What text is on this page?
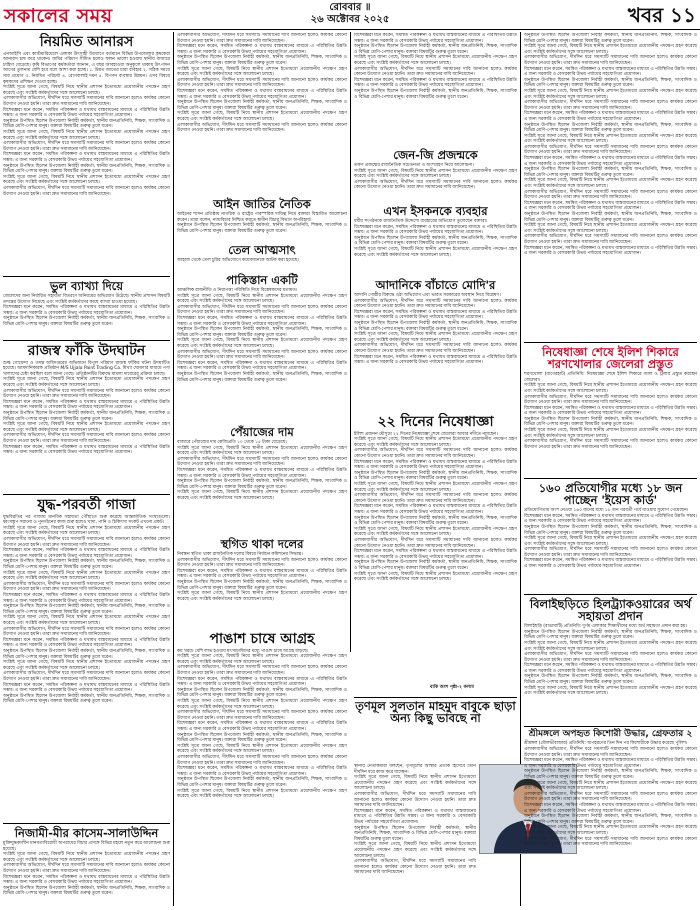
সকালের সময়	রোববার ॥
২৬ অক্টোবর ২০২৫	খবর ১১
নিয়মিত আনারস
এনআইসি এবং কাস্টমারিয়েলে এলাকা উৎসাহী উদ্যোগে বর্তমানে বিভিন্ন উপজেলার কৃষকেরা আনারস চাষ করে থাকেন। জমির পরিমাণ সীমিত হলেও ফলন ভালো হওয়ায় স্থানীয় বাজারে চাহিদা বেড়েছে। কৃষি বিভাগের কর্মকর্তারা জানান, এ বছর আবহাওয়া অনুকূলে থাকায় উৎপাদন আগের তুলনায় বেশি হবে বলে আশা করা হচ্ছে। ১. উন্নত জাতের চারা ব্যবহার ২. সঠিক সময়ে সার প্রয়োগ ৩. নিয়মিত পরিচর্যা ৪. রোগবালাই দমন ৫. বিপণন ব্যবস্থার উন্নয়ন। এসব বিষয়ে কৃষকদের প্রশিক্ষণ দেওয়া হচ্ছে।
সংশ্লিষ্ট সূত্রে জানা গেছে, বিষয়টি নিয়ে স্থানীয় প্রশাসন ইতোমধ্যে প্রয়োজনীয় পদক্ষেপ গ্রহণ করেছে এবং সংশ্লিষ্ট কর্মকর্তাদের সঙ্গে আলোচনা চলছে।
এলাকাবাসীর অভিযোগ, দীর্ঘদিন ধরে সমস্যাটি সমাধানের দাবি জানানো হলেও কার্যকর কোনো উদ্যোগ নেওয়া হয়নি। তারা দ্রুত সমাধানের দাবি জানিয়েছেন।
বিশেষজ্ঞরা মনে করেন, সমন্বিত পরিকল্পনা ও যথাযথ বাস্তবায়নের মাধ্যমে এ পরিস্থিতির উন্নতি সম্ভব। এ জন্য সরকারি ও বেসরকারি উভয় পর্যায়ের সহযোগিতা প্রয়োজন।
অনুষ্ঠানে উপস্থিত ছিলেন উপজেলা নির্বাহী কর্মকর্তা, স্থানীয় জনপ্রতিনিধি, শিক্ষক, সাংবাদিক ও বিভিন্ন শ্রেণি-পেশার মানুষ। বক্তারা বিষয়টির গুরুত্ব তুলে ধরেন।
সংশ্লিষ্ট সূত্রে জানা গেছে, বিষয়টি নিয়ে স্থানীয় প্রশাসন ইতোমধ্যে প্রয়োজনীয় পদক্ষেপ গ্রহণ করেছে এবং সংশ্লিষ্ট কর্মকর্তাদের সঙ্গে আলোচনা চলছে।
এলাকাবাসীর অভিযোগ, দীর্ঘদিন ধরে সমস্যাটি সমাধানের দাবি জানানো হলেও কার্যকর কোনো উদ্যোগ নেওয়া হয়নি। তারা দ্রুত সমাধানের দাবি জানিয়েছেন।
বিশেষজ্ঞরা মনে করেন, সমন্বিত পরিকল্পনা ও যথাযথ বাস্তবায়নের মাধ্যমে এ পরিস্থিতির উন্নতি সম্ভব। এ জন্য সরকারি ও বেসরকারি উভয় পর্যায়ের সহযোগিতা প্রয়োজন।
অনুষ্ঠানে উপস্থিত ছিলেন উপজেলা নির্বাহী কর্মকর্তা, স্থানীয় জনপ্রতিনিধি, শিক্ষক, সাংবাদিক ও বিভিন্ন শ্রেণি-পেশার মানুষ। বক্তারা বিষয়টির গুরুত্ব তুলে ধরেন।
সংশ্লিষ্ট সূত্রে জানা গেছে, বিষয়টি নিয়ে স্থানীয় প্রশাসন ইতোমধ্যে প্রয়োজনীয় পদক্ষেপ গ্রহণ করেছে এবং সংশ্লিষ্ট কর্মকর্তাদের সঙ্গে আলোচনা চলছে।
এলাকাবাসীর অভিযোগ, দীর্ঘদিন ধরে সমস্যাটি সমাধানের দাবি জানানো হলেও কার্যকর কোনো উদ্যোগ নেওয়া হয়নি। তারা দ্রুত সমাধানের দাবি জানিয়েছেন।
ভুল ব্যাখ্যা দিয়ে
জেলেদের জন্য নির্ধারিত সহায়তা বিতরণে অনিয়মের অভিযোগ উঠেছে। স্থানীয় প্রশাসন বিষয়টি তদন্তের উদ্যোগ নিয়েছে এবং সংশ্লিষ্ট কর্মকর্তাদের কাছে ব্যাখ্যা চাওয়া হয়েছে।
বিশেষজ্ঞরা মনে করেন, সমন্বিত পরিকল্পনা ও যথাযথ বাস্তবায়নের মাধ্যমে এ পরিস্থিতির উন্নতি সম্ভব। এ জন্য সরকারি ও বেসরকারি উভয় পর্যায়ের সহযোগিতা প্রয়োজন।
অনুষ্ঠানে উপস্থিত ছিলেন উপজেলা নির্বাহী কর্মকর্তা, স্থানীয় জনপ্রতিনিধি, শিক্ষক, সাংবাদিক ও বিভিন্ন শ্রেণি-পেশার মানুষ। বক্তারা বিষয়টির গুরুত্ব তুলে ধরেন।
রাজস্ব ফাঁকি উদঘাটন
শুল্ক গোয়েন্দা ও তদন্ত অধিদপ্তরের অভিযানে বিপুল পরিমাণ রাজস্ব ফাঁকির ঘটনা উদঘাটিত হয়েছে। আমদানিকারক প্রতিষ্ঠান M/S Ujjala Paint Trading Co. মিথ্যা ঘোষণার মাধ্যমে পণ্য খালাসের চেষ্টা করছিল বলে জানা গেছে। প্রতিষ্ঠানটির বিরুদ্ধে মামলা দায়েরের প্রক্রিয়া চলছে।
সংশ্লিষ্ট সূত্রে জানা গেছে, বিষয়টি নিয়ে স্থানীয় প্রশাসন ইতোমধ্যে প্রয়োজনীয় পদক্ষেপ গ্রহণ করেছে এবং সংশ্লিষ্ট কর্মকর্তাদের সঙ্গে আলোচনা চলছে।
এলাকাবাসীর অভিযোগ, দীর্ঘদিন ধরে সমস্যাটি সমাধানের দাবি জানানো হলেও কার্যকর কোনো উদ্যোগ নেওয়া হয়নি। তারা দ্রুত সমাধানের দাবি জানিয়েছেন।
বিশেষজ্ঞরা মনে করেন, সমন্বিত পরিকল্পনা ও যথাযথ বাস্তবায়নের মাধ্যমে এ পরিস্থিতির উন্নতি সম্ভব। এ জন্য সরকারি ও বেসরকারি উভয় পর্যায়ের সহযোগিতা প্রয়োজন।
অনুষ্ঠানে উপস্থিত ছিলেন উপজেলা নির্বাহী কর্মকর্তা, স্থানীয় জনপ্রতিনিধি, শিক্ষক, সাংবাদিক ও বিভিন্ন শ্রেণি-পেশার মানুষ। বক্তারা বিষয়টির গুরুত্ব তুলে ধরেন।
সংশ্লিষ্ট সূত্রে জানা গেছে, বিষয়টি নিয়ে স্থানীয় প্রশাসন ইতোমধ্যে প্রয়োজনীয় পদক্ষেপ গ্রহণ করেছে এবং সংশ্লিষ্ট কর্মকর্তাদের সঙ্গে আলোচনা চলছে।
এলাকাবাসীর অভিযোগ, দীর্ঘদিন ধরে সমস্যাটি সমাধানের দাবি জানানো হলেও কার্যকর কোনো উদ্যোগ নেওয়া হয়নি। তারা দ্রুত সমাধানের দাবি জানিয়েছেন।
বিশেষজ্ঞরা মনে করেন, সমন্বিত পরিকল্পনা ও যথাযথ বাস্তবায়নের মাধ্যমে এ পরিস্থিতির উন্নতি সম্ভব। এ জন্য সরকারি ও বেসরকারি উভয় পর্যায়ের সহযোগিতা প্রয়োজন।
যুদ্ধ-পরবর্তী গাজা
যুদ্ধবিরতির পর গাজায় মানবিক সহায়তা পৌঁছাতে শুরু করেছে আন্তর্জাতিক সংস্থাগুলো। ধ্বংসস্তূপ সরানো ও পুনর্গঠনের কাজ শুরু হলেও খাদ্য, পানি ও চিকিৎসা সংকট এখনো প্রকট।
সংশ্লিষ্ট সূত্রে জানা গেছে, বিষয়টি নিয়ে স্থানীয় প্রশাসন ইতোমধ্যে প্রয়োজনীয় পদক্ষেপ গ্রহণ করেছে এবং সংশ্লিষ্ট কর্মকর্তাদের সঙ্গে আলোচনা চলছে।
এলাকাবাসীর অভিযোগ, দীর্ঘদিন ধরে সমস্যাটি সমাধানের দাবি জানানো হলেও কার্যকর কোনো উদ্যোগ নেওয়া হয়নি। তারা দ্রুত সমাধানের দাবি জানিয়েছেন।
বিশেষজ্ঞরা মনে করেন, সমন্বিত পরিকল্পনা ও যথাযথ বাস্তবায়নের মাধ্যমে এ পরিস্থিতির উন্নতি সম্ভব। এ জন্য সরকারি ও বেসরকারি উভয় পর্যায়ের সহযোগিতা প্রয়োজন।
অনুষ্ঠানে উপস্থিত ছিলেন উপজেলা নির্বাহী কর্মকর্তা, স্থানীয় জনপ্রতিনিধি, শিক্ষক, সাংবাদিক ও বিভিন্ন শ্রেণি-পেশার মানুষ। বক্তারা বিষয়টির গুরুত্ব তুলে ধরেন।
সংশ্লিষ্ট সূত্রে জানা গেছে, বিষয়টি নিয়ে স্থানীয় প্রশাসন ইতোমধ্যে প্রয়োজনীয় পদক্ষেপ গ্রহণ করেছে এবং সংশ্লিষ্ট কর্মকর্তাদের সঙ্গে আলোচনা চলছে।
এলাকাবাসীর অভিযোগ, দীর্ঘদিন ধরে সমস্যাটি সমাধানের দাবি জানানো হলেও কার্যকর কোনো উদ্যোগ নেওয়া হয়নি। তারা দ্রুত সমাধানের দাবি জানিয়েছেন।
বিশেষজ্ঞরা মনে করেন, সমন্বিত পরিকল্পনা ও যথাযথ বাস্তবায়নের মাধ্যমে এ পরিস্থিতির উন্নতি সম্ভব। এ জন্য সরকারি ও বেসরকারি উভয় পর্যায়ের সহযোগিতা প্রয়োজন।
অনুষ্ঠানে উপস্থিত ছিলেন উপজেলা নির্বাহী কর্মকর্তা, স্থানীয় জনপ্রতিনিধি, শিক্ষক, সাংবাদিক ও বিভিন্ন শ্রেণি-পেশার মানুষ। বক্তারা বিষয়টির গুরুত্ব তুলে ধরেন।
সংশ্লিষ্ট সূত্রে জানা গেছে, বিষয়টি নিয়ে স্থানীয় প্রশাসন ইতোমধ্যে প্রয়োজনীয় পদক্ষেপ গ্রহণ করেছে এবং সংশ্লিষ্ট কর্মকর্তাদের সঙ্গে আলোচনা চলছে।
এলাকাবাসীর অভিযোগ, দীর্ঘদিন ধরে সমস্যাটি সমাধানের দাবি জানানো হলেও কার্যকর কোনো উদ্যোগ নেওয়া হয়নি। তারা দ্রুত সমাধানের দাবি জানিয়েছেন।
বিশেষজ্ঞরা মনে করেন, সমন্বিত পরিকল্পনা ও যথাযথ বাস্তবায়নের মাধ্যমে এ পরিস্থিতির উন্নতি সম্ভব। এ জন্য সরকারি ও বেসরকারি উভয় পর্যায়ের সহযোগিতা প্রয়োজন।
অনুষ্ঠানে উপস্থিত ছিলেন উপজেলা নির্বাহী কর্মকর্তা, স্থানীয় জনপ্রতিনিধি, শিক্ষক, সাংবাদিক ও বিভিন্ন শ্রেণি-পেশার মানুষ। বক্তারা বিষয়টির গুরুত্ব তুলে ধরেন।
সংশ্লিষ্ট সূত্রে জানা গেছে, বিষয়টি নিয়ে স্থানীয় প্রশাসন ইতোমধ্যে প্রয়োজনীয় পদক্ষেপ গ্রহণ করেছে এবং সংশ্লিষ্ট কর্মকর্তাদের সঙ্গে আলোচনা চলছে।
এলাকাবাসীর অভিযোগ, দীর্ঘদিন ধরে সমস্যাটি সমাধানের দাবি জানানো হলেও কার্যকর কোনো উদ্যোগ নেওয়া হয়নি। তারা দ্রুত সমাধানের দাবি জানিয়েছেন।
বিশেষজ্ঞরা মনে করেন, সমন্বিত পরিকল্পনা ও যথাযথ বাস্তবায়নের মাধ্যমে এ পরিস্থিতির উন্নতি সম্ভব। এ জন্য সরকারি ও বেসরকারি উভয় পর্যায়ের সহযোগিতা প্রয়োজন।
অনুষ্ঠানে উপস্থিত ছিলেন উপজেলা নির্বাহী কর্মকর্তা, স্থানীয় জনপ্রতিনিধি, শিক্ষক, সাংবাদিক ও বিভিন্ন শ্রেণি-পেশার মানুষ। বক্তারা বিষয়টির গুরুত্ব তুলে ধরেন।
নিজামী-মীর কাসেম-সালাউদ্দিন
মুক্তিযুদ্ধকালীন মানবতাবিরোধী অপরাধের বিচার প্রসঙ্গে বিভিন্ন মহলে নতুন করে আলোচনা শুরু হয়েছে।
সংশ্লিষ্ট সূত্রে জানা গেছে, বিষয়টি নিয়ে স্থানীয় প্রশাসন ইতোমধ্যে প্রয়োজনীয় পদক্ষেপ গ্রহণ করেছে এবং সংশ্লিষ্ট কর্মকর্তাদের সঙ্গে আলোচনা চলছে।
এলাকাবাসীর অভিযোগ, দীর্ঘদিন ধরে সমস্যাটি সমাধানের দাবি জানানো হলেও কার্যকর কোনো উদ্যোগ নেওয়া হয়নি। তারা দ্রুত সমাধানের দাবি জানিয়েছেন।
বিশেষজ্ঞরা মনে করেন, সমন্বিত পরিকল্পনা ও যথাযথ বাস্তবায়নের মাধ্যমে এ পরিস্থিতির উন্নতি সম্ভব। এ জন্য সরকারি ও বেসরকারি উভয় পর্যায়ের সহযোগিতা প্রয়োজন।
অনুষ্ঠানে উপস্থিত ছিলেন উপজেলা নির্বাহী কর্মকর্তা, স্থানীয় জনপ্রতিনিধি, শিক্ষক, সাংবাদিক ও বিভিন্ন শ্রেণি-পেশার মানুষ। বক্তারা বিষয়টির গুরুত্ব তুলে ধরেন।
এলাকাবাসীর অভিযোগ, দীর্ঘদিন ধরে সমস্যাটি সমাধানের দাবি জানানো হলেও কার্যকর কোনো উদ্যোগ নেওয়া হয়নি। তারা দ্রুত সমাধানের দাবি জানিয়েছেন।
বিশেষজ্ঞরা মনে করেন, সমন্বিত পরিকল্পনা ও যথাযথ বাস্তবায়নের মাধ্যমে এ পরিস্থিতির উন্নতি সম্ভব। এ জন্য সরকারি ও বেসরকারি উভয় পর্যায়ের সহযোগিতা প্রয়োজন।
অনুষ্ঠানে উপস্থিত ছিলেন উপজেলা নির্বাহী কর্মকর্তা, স্থানীয় জনপ্রতিনিধি, শিক্ষক, সাংবাদিক ও বিভিন্ন শ্রেণি-পেশার মানুষ। বক্তারা বিষয়টির গুরুত্ব তুলে ধরেন।
সংশ্লিষ্ট সূত্রে জানা গেছে, বিষয়টি নিয়ে স্থানীয় প্রশাসন ইতোমধ্যে প্রয়োজনীয় পদক্ষেপ গ্রহণ করেছে এবং সংশ্লিষ্ট কর্মকর্তাদের সঙ্গে আলোচনা চলছে।
এলাকাবাসীর অভিযোগ, দীর্ঘদিন ধরে সমস্যাটি সমাধানের দাবি জানানো হলেও কার্যকর কোনো উদ্যোগ নেওয়া হয়নি। তারা দ্রুত সমাধানের দাবি জানিয়েছেন।
বিশেষজ্ঞরা মনে করেন, সমন্বিত পরিকল্পনা ও যথাযথ বাস্তবায়নের মাধ্যমে এ পরিস্থিতির উন্নতি সম্ভব। এ জন্য সরকারি ও বেসরকারি উভয় পর্যায়ের সহযোগিতা প্রয়োজন।
অনুষ্ঠানে উপস্থিত ছিলেন উপজেলা নির্বাহী কর্মকর্তা, স্থানীয় জনপ্রতিনিধি, শিক্ষক, সাংবাদিক ও বিভিন্ন শ্রেণি-পেশার মানুষ। বক্তারা বিষয়টির গুরুত্ব তুলে ধরেন।
সংশ্লিষ্ট সূত্রে জানা গেছে, বিষয়টি নিয়ে স্থানীয় প্রশাসন ইতোমধ্যে প্রয়োজনীয় পদক্ষেপ গ্রহণ করেছে এবং সংশ্লিষ্ট কর্মকর্তাদের সঙ্গে আলোচনা চলছে।
এলাকাবাসীর অভিযোগ, দীর্ঘদিন ধরে সমস্যাটি সমাধানের দাবি জানানো হলেও কার্যকর কোনো উদ্যোগ নেওয়া হয়নি। তারা দ্রুত সমাধানের দাবি জানিয়েছেন।
আইন জাতির নৈতিক
আইনের শাসন প্রতিষ্ঠায় নাগরিক ও রাষ্ট্রের পারস্পরিক দায়িত্ব নিয়ে বক্তারা বিস্তারিত আলোচনা করেন। তারা বলেন, ন্যায়বিচার নিশ্চিত করতে স্বাধীন বিচার বিভাগ অপরিহার্য।
অনুষ্ঠানে উপস্থিত ছিলেন উপজেলা নির্বাহী কর্মকর্তা, স্থানীয় জনপ্রতিনিধি, শিক্ষক, সাংবাদিক ও বিভিন্ন শ্রেণি-পেশার মানুষ। বক্তারা বিষয়টির গুরুত্ব তুলে ধরেন।
তেল আত্মসাৎ
জাহাজ থেকে তেল চুরির অভিযোগে কয়েকজনকে আটক করা হয়েছে।
পাকিস্তান একটি
আঞ্চলিক রাজনীতি ও নিরাপত্তা পরিস্থিতি নিয়ে বিশ্লেষকদের মতামত।
সংশ্লিষ্ট সূত্রে জানা গেছে, বিষয়টি নিয়ে স্থানীয় প্রশাসন ইতোমধ্যে প্রয়োজনীয় পদক্ষেপ গ্রহণ করেছে এবং সংশ্লিষ্ট কর্মকর্তাদের সঙ্গে আলোচনা চলছে।
এলাকাবাসীর অভিযোগ, দীর্ঘদিন ধরে সমস্যাটি সমাধানের দাবি জানানো হলেও কার্যকর কোনো উদ্যোগ নেওয়া হয়নি। তারা দ্রুত সমাধানের দাবি জানিয়েছেন।
বিশেষজ্ঞরা মনে করেন, সমন্বিত পরিকল্পনা ও যথাযথ বাস্তবায়নের মাধ্যমে এ পরিস্থিতির উন্নতি সম্ভব। এ জন্য সরকারি ও বেসরকারি উভয় পর্যায়ের সহযোগিতা প্রয়োজন।
অনুষ্ঠানে উপস্থিত ছিলেন উপজেলা নির্বাহী কর্মকর্তা, স্থানীয় জনপ্রতিনিধি, শিক্ষক, সাংবাদিক ও বিভিন্ন শ্রেণি-পেশার মানুষ। বক্তারা বিষয়টির গুরুত্ব তুলে ধরেন।
সংশ্লিষ্ট সূত্রে জানা গেছে, বিষয়টি নিয়ে স্থানীয় প্রশাসন ইতোমধ্যে প্রয়োজনীয় পদক্ষেপ গ্রহণ করেছে এবং সংশ্লিষ্ট কর্মকর্তাদের সঙ্গে আলোচনা চলছে।
এলাকাবাসীর অভিযোগ, দীর্ঘদিন ধরে সমস্যাটি সমাধানের দাবি জানানো হলেও কার্যকর কোনো উদ্যোগ নেওয়া হয়নি। তারা দ্রুত সমাধানের দাবি জানিয়েছেন।
বিশেষজ্ঞরা মনে করেন, সমন্বিত পরিকল্পনা ও যথাযথ বাস্তবায়নের মাধ্যমে এ পরিস্থিতির উন্নতি সম্ভব। এ জন্য সরকারি ও বেসরকারি উভয় পর্যায়ের সহযোগিতা প্রয়োজন।
অনুষ্ঠানে উপস্থিত ছিলেন উপজেলা নির্বাহী কর্মকর্তা, স্থানীয় জনপ্রতিনিধি, শিক্ষক, সাংবাদিক ও বিভিন্ন শ্রেণি-পেশার মানুষ। বক্তারা বিষয়টির গুরুত্ব তুলে ধরেন।
পেঁয়াজের দাম
বাজারে পেঁয়াজের দাম কেজিপ্রতি ১০ থেকে ১৫ টাকা বেড়েছে।
সংশ্লিষ্ট সূত্রে জানা গেছে, বিষয়টি নিয়ে স্থানীয় প্রশাসন ইতোমধ্যে প্রয়োজনীয় পদক্ষেপ গ্রহণ করেছে এবং সংশ্লিষ্ট কর্মকর্তাদের সঙ্গে আলোচনা চলছে।
এলাকাবাসীর অভিযোগ, দীর্ঘদিন ধরে সমস্যাটি সমাধানের দাবি জানানো হলেও কার্যকর কোনো উদ্যোগ নেওয়া হয়নি। তারা দ্রুত সমাধানের দাবি জানিয়েছেন।
বিশেষজ্ঞরা মনে করেন, সমন্বিত পরিকল্পনা ও যথাযথ বাস্তবায়নের মাধ্যমে এ পরিস্থিতির উন্নতি সম্ভব। এ জন্য সরকারি ও বেসরকারি উভয় পর্যায়ের সহযোগিতা প্রয়োজন।
অনুষ্ঠানে উপস্থিত ছিলেন উপজেলা নির্বাহী কর্মকর্তা, স্থানীয় জনপ্রতিনিধি, শিক্ষক, সাংবাদিক ও বিভিন্ন শ্রেণি-পেশার মানুষ। বক্তারা বিষয়টির গুরুত্ব তুলে ধরেন।
সংশ্লিষ্ট সূত্রে জানা গেছে, বিষয়টি নিয়ে স্থানীয় প্রশাসন ইতোমধ্যে প্রয়োজনীয় পদক্ষেপ গ্রহণ করেছে এবং সংশ্লিষ্ট কর্মকর্তাদের সঙ্গে আলোচনা চলছে।
স্থগিত থাকা দলের
নিবন্ধন স্থগিত থাকা রাজনৈতিক দলের বিষয়ে নির্বাচন কমিশনের সিদ্ধান্ত।
এলাকাবাসীর অভিযোগ, দীর্ঘদিন ধরে সমস্যাটি সমাধানের দাবি জানানো হলেও কার্যকর কোনো উদ্যোগ নেওয়া হয়নি। তারা দ্রুত সমাধানের দাবি জানিয়েছেন।
বিশেষজ্ঞরা মনে করেন, সমন্বিত পরিকল্পনা ও যথাযথ বাস্তবায়নের মাধ্যমে এ পরিস্থিতির উন্নতি সম্ভব। এ জন্য সরকারি ও বেসরকারি উভয় পর্যায়ের সহযোগিতা প্রয়োজন।
অনুষ্ঠানে উপস্থিত ছিলেন উপজেলা নির্বাহী কর্মকর্তা, স্থানীয় জনপ্রতিনিধি, শিক্ষক, সাংবাদিক ও বিভিন্ন শ্রেণি-পেশার মানুষ। বক্তারা বিষয়টির গুরুত্ব তুলে ধরেন।
সংশ্লিষ্ট সূত্রে জানা গেছে, বিষয়টি নিয়ে স্থানীয় প্রশাসন ইতোমধ্যে প্রয়োজনীয় পদক্ষেপ গ্রহণ করেছে এবং সংশ্লিষ্ট কর্মকর্তাদের সঙ্গে আলোচনা চলছে।
পাঙাশ চাষে আগ্রহ
কম খরচে বেশি লাভ হওয়ায় মৎস্যচাষিদের মধ্যে পাঙাশ চাষে আগ্রহ বাড়ছে।
সংশ্লিষ্ট সূত্রে জানা গেছে, বিষয়টি নিয়ে স্থানীয় প্রশাসন ইতোমধ্যে প্রয়োজনীয় পদক্ষেপ গ্রহণ করেছে এবং সংশ্লিষ্ট কর্মকর্তাদের সঙ্গে আলোচনা চলছে।
এলাকাবাসীর অভিযোগ, দীর্ঘদিন ধরে সমস্যাটি সমাধানের দাবি জানানো হলেও কার্যকর কোনো উদ্যোগ নেওয়া হয়নি। তারা দ্রুত সমাধানের দাবি জানিয়েছেন।
বিশেষজ্ঞরা মনে করেন, সমন্বিত পরিকল্পনা ও যথাযথ বাস্তবায়নের মাধ্যমে এ পরিস্থিতির উন্নতি সম্ভব। এ জন্য সরকারি ও বেসরকারি উভয় পর্যায়ের সহযোগিতা প্রয়োজন।
অনুষ্ঠানে উপস্থিত ছিলেন উপজেলা নির্বাহী কর্মকর্তা, স্থানীয় জনপ্রতিনিধি, শিক্ষক, সাংবাদিক ও বিভিন্ন শ্রেণি-পেশার মানুষ। বক্তারা বিষয়টির গুরুত্ব তুলে ধরেন।
সংশ্লিষ্ট সূত্রে জানা গেছে, বিষয়টি নিয়ে স্থানীয় প্রশাসন ইতোমধ্যে প্রয়োজনীয় পদক্ষেপ গ্রহণ করেছে এবং সংশ্লিষ্ট কর্মকর্তাদের সঙ্গে আলোচনা চলছে।
এলাকাবাসীর অভিযোগ, দীর্ঘদিন ধরে সমস্যাটি সমাধানের দাবি জানানো হলেও কার্যকর কোনো উদ্যোগ নেওয়া হয়নি। তারা দ্রুত সমাধানের দাবি জানিয়েছেন।
বিশেষজ্ঞরা মনে করেন, সমন্বিত পরিকল্পনা ও যথাযথ বাস্তবায়নের মাধ্যমে এ পরিস্থিতির উন্নতি সম্ভব। এ জন্য সরকারি ও বেসরকারি উভয় পর্যায়ের সহযোগিতা প্রয়োজন।
অনুষ্ঠানে উপস্থিত ছিলেন উপজেলা নির্বাহী কর্মকর্তা, স্থানীয় জনপ্রতিনিধি, শিক্ষক, সাংবাদিক ও বিভিন্ন শ্রেণি-পেশার মানুষ। বক্তারা বিষয়টির গুরুত্ব তুলে ধরেন।
সংশ্লিষ্ট সূত্রে জানা গেছে, বিষয়টি নিয়ে স্থানীয় প্রশাসন ইতোমধ্যে প্রয়োজনীয় পদক্ষেপ গ্রহণ করেছে এবং সংশ্লিষ্ট কর্মকর্তাদের সঙ্গে আলোচনা চলছে।
এলাকাবাসীর অভিযোগ, দীর্ঘদিন ধরে সমস্যাটি সমাধানের দাবি জানানো হলেও কার্যকর কোনো উদ্যোগ নেওয়া হয়নি। তারা দ্রুত সমাধানের দাবি জানিয়েছেন।
বিশেষজ্ঞরা মনে করেন, সমন্বিত পরিকল্পনা ও যথাযথ বাস্তবায়নের মাধ্যমে এ পরিস্থিতির উন্নতি সম্ভব। এ জন্য সরকারি ও বেসরকারি উভয় পর্যায়ের সহযোগিতা প্রয়োজন।
অনুষ্ঠানে উপস্থিত ছিলেন উপজেলা নির্বাহী কর্মকর্তা, স্থানীয় জনপ্রতিনিধি, শিক্ষক, সাংবাদিক ও বিভিন্ন শ্রেণি-পেশার মানুষ। বক্তারা বিষয়টির গুরুত্ব তুলে ধরেন।
সংশ্লিষ্ট সূত্রে জানা গেছে, বিষয়টি নিয়ে স্থানীয় প্রশাসন ইতোমধ্যে প্রয়োজনীয় পদক্ষেপ গ্রহণ করেছে এবং সংশ্লিষ্ট কর্মকর্তাদের সঙ্গে আলোচনা চলছে।
বিশেষজ্ঞরা মনে করেন, সমন্বিত পরিকল্পনা ও যথাযথ বাস্তবায়নের মাধ্যমে এ পরিস্থিতির উন্নতি সম্ভব। এ জন্য সরকারি ও বেসরকারি উভয় পর্যায়ের সহযোগিতা প্রয়োজন।
অনুষ্ঠানে উপস্থিত ছিলেন উপজেলা নির্বাহী কর্মকর্তা, স্থানীয় জনপ্রতিনিধি, শিক্ষক, সাংবাদিক ও বিভিন্ন শ্রেণি-পেশার মানুষ। বক্তারা বিষয়টির গুরুত্ব তুলে ধরেন।
সংশ্লিষ্ট সূত্রে জানা গেছে, বিষয়টি নিয়ে স্থানীয় প্রশাসন ইতোমধ্যে প্রয়োজনীয় পদক্ষেপ গ্রহণ করেছে এবং সংশ্লিষ্ট কর্মকর্তাদের সঙ্গে আলোচনা চলছে।
এলাকাবাসীর অভিযোগ, দীর্ঘদিন ধরে সমস্যাটি সমাধানের দাবি জানানো হলেও কার্যকর কোনো উদ্যোগ নেওয়া হয়নি। তারা দ্রুত সমাধানের দাবি জানিয়েছেন।
বিশেষজ্ঞরা মনে করেন, সমন্বিত পরিকল্পনা ও যথাযথ বাস্তবায়নের মাধ্যমে এ পরিস্থিতির উন্নতি সম্ভব। এ জন্য সরকারি ও বেসরকারি উভয় পর্যায়ের সহযোগিতা প্রয়োজন।
অনুষ্ঠানে উপস্থিত ছিলেন উপজেলা নির্বাহী কর্মকর্তা, স্থানীয় জনপ্রতিনিধি, শিক্ষক, সাংবাদিক ও বিভিন্ন শ্রেণি-পেশার মানুষ। বক্তারা বিষয়টির গুরুত্ব তুলে ধরেন।
জেন-জি প্রজন্মকে
তরুণ প্রজন্মের রাজনৈতিক সচেতনতা ও অংশগ্রহণ নিয়ে আলোচনা।
সংশ্লিষ্ট সূত্রে জানা গেছে, বিষয়টি নিয়ে স্থানীয় প্রশাসন ইতোমধ্যে প্রয়োজনীয় পদক্ষেপ গ্রহণ করেছে এবং সংশ্লিষ্ট কর্মকর্তাদের সঙ্গে আলোচনা চলছে।
এলাকাবাসীর অভিযোগ, দীর্ঘদিন ধরে সমস্যাটি সমাধানের দাবি জানানো হলেও কার্যকর কোনো উদ্যোগ নেওয়া হয়নি। তারা দ্রুত সমাধানের দাবি জানিয়েছেন।
এখন ইসকনকে ব্যবহার
ধর্মীয় সংগঠনকে রাজনৈতিক উদ্দেশ্যে ব্যবহারের অভিযোগ তুলেছেন বক্তারা।
বিশেষজ্ঞরা মনে করেন, সমন্বিত পরিকল্পনা ও যথাযথ বাস্তবায়নের মাধ্যমে এ পরিস্থিতির উন্নতি সম্ভব। এ জন্য সরকারি ও বেসরকারি উভয় পর্যায়ের সহযোগিতা প্রয়োজন।
অনুষ্ঠানে উপস্থিত ছিলেন উপজেলা নির্বাহী কর্মকর্তা, স্থানীয় জনপ্রতিনিধি, শিক্ষক, সাংবাদিক ও বিভিন্ন শ্রেণি-পেশার মানুষ। বক্তারা বিষয়টির গুরুত্ব তুলে ধরেন।
সংশ্লিষ্ট সূত্রে জানা গেছে, বিষয়টি নিয়ে স্থানীয় প্রশাসন ইতোমধ্যে প্রয়োজনীয় পদক্ষেপ গ্রহণ করেছে এবং সংশ্লিষ্ট কর্মকর্তাদের সঙ্গে আলোচনা চলছে।
আদানিকে বাঁচাতে মোদি'র
আদানি গোষ্ঠীর বিরুদ্ধে ওঠা অভিযোগ এবং ভারত সরকারের অবস্থান নিয়ে বিশ্লেষণ।
এলাকাবাসীর অভিযোগ, দীর্ঘদিন ধরে সমস্যাটি সমাধানের দাবি জানানো হলেও কার্যকর কোনো উদ্যোগ নেওয়া হয়নি। তারা দ্রুত সমাধানের দাবি জানিয়েছেন।
বিশেষজ্ঞরা মনে করেন, সমন্বিত পরিকল্পনা ও যথাযথ বাস্তবায়নের মাধ্যমে এ পরিস্থিতির উন্নতি সম্ভব। এ জন্য সরকারি ও বেসরকারি উভয় পর্যায়ের সহযোগিতা প্রয়োজন।
অনুষ্ঠানে উপস্থিত ছিলেন উপজেলা নির্বাহী কর্মকর্তা, স্থানীয় জনপ্রতিনিধি, শিক্ষক, সাংবাদিক ও বিভিন্ন শ্রেণি-পেশার মানুষ। বক্তারা বিষয়টির গুরুত্ব তুলে ধরেন।
সংশ্লিষ্ট সূত্রে জানা গেছে, বিষয়টি নিয়ে স্থানীয় প্রশাসন ইতোমধ্যে প্রয়োজনীয় পদক্ষেপ গ্রহণ করেছে এবং সংশ্লিষ্ট কর্মকর্তাদের সঙ্গে আলোচনা চলছে।
এলাকাবাসীর অভিযোগ, দীর্ঘদিন ধরে সমস্যাটি সমাধানের দাবি জানানো হলেও কার্যকর কোনো উদ্যোগ নেওয়া হয়নি। তারা দ্রুত সমাধানের দাবি জানিয়েছেন।
বিশেষজ্ঞরা মনে করেন, সমন্বিত পরিকল্পনা ও যথাযথ বাস্তবায়নের মাধ্যমে এ পরিস্থিতির উন্নতি সম্ভব। এ জন্য সরকারি ও বেসরকারি উভয় পর্যায়ের সহযোগিতা প্রয়োজন।
২২ দিনের নিষেধাজ্ঞা
ইলিশ প্রজনন মৌসুমে ২২ দিনের নিষেধাজ্ঞা শেষে জেলেরা আবার নদীতে নামছেন।
সংশ্লিষ্ট সূত্রে জানা গেছে, বিষয়টি নিয়ে স্থানীয় প্রশাসন ইতোমধ্যে প্রয়োজনীয় পদক্ষেপ গ্রহণ করেছে এবং সংশ্লিষ্ট কর্মকর্তাদের সঙ্গে আলোচনা চলছে।
এলাকাবাসীর অভিযোগ, দীর্ঘদিন ধরে সমস্যাটি সমাধানের দাবি জানানো হলেও কার্যকর কোনো উদ্যোগ নেওয়া হয়নি। তারা দ্রুত সমাধানের দাবি জানিয়েছেন।
বিশেষজ্ঞরা মনে করেন, সমন্বিত পরিকল্পনা ও যথাযথ বাস্তবায়নের মাধ্যমে এ পরিস্থিতির উন্নতি সম্ভব। এ জন্য সরকারি ও বেসরকারি উভয় পর্যায়ের সহযোগিতা প্রয়োজন।
অনুষ্ঠানে উপস্থিত ছিলেন উপজেলা নির্বাহী কর্মকর্তা, স্থানীয় জনপ্রতিনিধি, শিক্ষক, সাংবাদিক ও বিভিন্ন শ্রেণি-পেশার মানুষ। বক্তারা বিষয়টির গুরুত্ব তুলে ধরেন।
সংশ্লিষ্ট সূত্রে জানা গেছে, বিষয়টি নিয়ে স্থানীয় প্রশাসন ইতোমধ্যে প্রয়োজনীয় পদক্ষেপ গ্রহণ করেছে এবং সংশ্লিষ্ট কর্মকর্তাদের সঙ্গে আলোচনা চলছে।
এলাকাবাসীর অভিযোগ, দীর্ঘদিন ধরে সমস্যাটি সমাধানের দাবি জানানো হলেও কার্যকর কোনো উদ্যোগ নেওয়া হয়নি। তারা দ্রুত সমাধানের দাবি জানিয়েছেন।
বিশেষজ্ঞরা মনে করেন, সমন্বিত পরিকল্পনা ও যথাযথ বাস্তবায়নের মাধ্যমে এ পরিস্থিতির উন্নতি সম্ভব। এ জন্য সরকারি ও বেসরকারি উভয় পর্যায়ের সহযোগিতা প্রয়োজন।
অনুষ্ঠানে উপস্থিত ছিলেন উপজেলা নির্বাহী কর্মকর্তা, স্থানীয় জনপ্রতিনিধি, শিক্ষক, সাংবাদিক ও বিভিন্ন শ্রেণি-পেশার মানুষ। বক্তারা বিষয়টির গুরুত্ব তুলে ধরেন।
সংশ্লিষ্ট সূত্রে জানা গেছে, বিষয়টি নিয়ে স্থানীয় প্রশাসন ইতোমধ্যে প্রয়োজনীয় পদক্ষেপ গ্রহণ করেছে এবং সংশ্লিষ্ট কর্মকর্তাদের সঙ্গে আলোচনা চলছে।
এলাকাবাসীর অভিযোগ, দীর্ঘদিন ধরে সমস্যাটি সমাধানের দাবি জানানো হলেও কার্যকর কোনো উদ্যোগ নেওয়া হয়নি। তারা দ্রুত সমাধানের দাবি জানিয়েছেন।
বিশেষজ্ঞরা মনে করেন, সমন্বিত পরিকল্পনা ও যথাযথ বাস্তবায়নের মাধ্যমে এ পরিস্থিতির উন্নতি সম্ভব। এ জন্য সরকারি ও বেসরকারি উভয় পর্যায়ের সহযোগিতা প্রয়োজন।
অনুষ্ঠানে উপস্থিত ছিলেন উপজেলা নির্বাহী কর্মকর্তা, স্থানীয় জনপ্রতিনিধি, শিক্ষক, সাংবাদিক ও বিভিন্ন শ্রেণি-পেশার মানুষ। বক্তারা বিষয়টির গুরুত্ব তুলে ধরেন।
সংশ্লিষ্ট সূত্রে জানা গেছে, বিষয়টি নিয়ে স্থানীয় প্রশাসন ইতোমধ্যে প্রয়োজনীয় পদক্ষেপ গ্রহণ করেছে এবং সংশ্লিষ্ট কর্মকর্তাদের সঙ্গে আলোচনা চলছে।
বাকি অংশ পৃষ্ঠা-২ কলাম
তৃণমূল সুলতান মাহমুদ বাবুকে ছাড়া অন্য কিছু ভাবছে না
স্থানীয় নেতাকর্মীরা বলছেন, তৃণমূলের আস্থার প্রতীক হিসেবে তিনি দীর্ঘদিন ধরে কাজ করে যাচ্ছেন।
সংশ্লিষ্ট সূত্রে জানা গেছে, বিষয়টি নিয়ে স্থানীয় প্রশাসন ইতোমধ্যে প্রয়োজনীয় পদক্ষেপ গ্রহণ করেছে এবং সংশ্লিষ্ট কর্মকর্তাদের সঙ্গে আলোচনা চলছে।
এলাকাবাসীর অভিযোগ, দীর্ঘদিন ধরে সমস্যাটি সমাধানের দাবি জানানো হলেও কার্যকর কোনো উদ্যোগ নেওয়া হয়নি। তারা দ্রুত সমাধানের দাবি জানিয়েছেন।
বিশেষজ্ঞরা মনে করেন, সমন্বিত পরিকল্পনা ও যথাযথ বাস্তবায়নের মাধ্যমে এ পরিস্থিতির উন্নতি সম্ভব। এ জন্য সরকারি ও বেসরকারি উভয় পর্যায়ের সহযোগিতা প্রয়োজন।
অনুষ্ঠানে উপস্থিত ছিলেন উপজেলা নির্বাহী কর্মকর্তা, স্থানীয় জনপ্রতিনিধি, শিক্ষক, সাংবাদিক ও বিভিন্ন শ্রেণি-পেশার মানুষ। বক্তারা বিষয়টির গুরুত্ব তুলে ধরেন।
সংশ্লিষ্ট সূত্রে জানা গেছে, বিষয়টি নিয়ে স্থানীয় প্রশাসন ইতোমধ্যে প্রয়োজনীয় পদক্ষেপ গ্রহণ করেছে এবং সংশ্লিষ্ট কর্মকর্তাদের সঙ্গে আলোচনা চলছে।
এলাকাবাসীর অভিযোগ, দীর্ঘদিন ধরে সমস্যাটি সমাধানের দাবি জানানো হলেও কার্যকর কোনো উদ্যোগ নেওয়া হয়নি। তারা দ্রুত সমাধানের দাবি জানিয়েছেন।
অনুষ্ঠানে উপস্থিত ছিলেন উপজেলা নির্বাহী কর্মকর্তা, স্থানীয় জনপ্রতিনিধি, শিক্ষক, সাংবাদিক ও বিভিন্ন শ্রেণি-পেশার মানুষ। বক্তারা বিষয়টির গুরুত্ব তুলে ধরেন।
সংশ্লিষ্ট সূত্রে জানা গেছে, বিষয়টি নিয়ে স্থানীয় প্রশাসন ইতোমধ্যে প্রয়োজনীয় পদক্ষেপ গ্রহণ করেছে এবং সংশ্লিষ্ট কর্মকর্তাদের সঙ্গে আলোচনা চলছে।
এলাকাবাসীর অভিযোগ, দীর্ঘদিন ধরে সমস্যাটি সমাধানের দাবি জানানো হলেও কার্যকর কোনো উদ্যোগ নেওয়া হয়নি। তারা দ্রুত সমাধানের দাবি জানিয়েছেন।
বিশেষজ্ঞরা মনে করেন, সমন্বিত পরিকল্পনা ও যথাযথ বাস্তবায়নের মাধ্যমে এ পরিস্থিতির উন্নতি সম্ভব। এ জন্য সরকারি ও বেসরকারি উভয় পর্যায়ের সহযোগিতা প্রয়োজন।
অনুষ্ঠানে উপস্থিত ছিলেন উপজেলা নির্বাহী কর্মকর্তা, স্থানীয় জনপ্রতিনিধি, শিক্ষক, সাংবাদিক ও বিভিন্ন শ্রেণি-পেশার মানুষ। বক্তারা বিষয়টির গুরুত্ব তুলে ধরেন।
সংশ্লিষ্ট সূত্রে জানা গেছে, বিষয়টি নিয়ে স্থানীয় প্রশাসন ইতোমধ্যে প্রয়োজনীয় পদক্ষেপ গ্রহণ করেছে এবং সংশ্লিষ্ট কর্মকর্তাদের সঙ্গে আলোচনা চলছে।
এলাকাবাসীর অভিযোগ, দীর্ঘদিন ধরে সমস্যাটি সমাধানের দাবি জানানো হলেও কার্যকর কোনো উদ্যোগ নেওয়া হয়নি। তারা দ্রুত সমাধানের দাবি জানিয়েছেন।
বিশেষজ্ঞরা মনে করেন, সমন্বিত পরিকল্পনা ও যথাযথ বাস্তবায়নের মাধ্যমে এ পরিস্থিতির উন্নতি সম্ভব। এ জন্য সরকারি ও বেসরকারি উভয় পর্যায়ের সহযোগিতা প্রয়োজন।
অনুষ্ঠানে উপস্থিত ছিলেন উপজেলা নির্বাহী কর্মকর্তা, স্থানীয় জনপ্রতিনিধি, শিক্ষক, সাংবাদিক ও বিভিন্ন শ্রেণি-পেশার মানুষ। বক্তারা বিষয়টির গুরুত্ব তুলে ধরেন।
সংশ্লিষ্ট সূত্রে জানা গেছে, বিষয়টি নিয়ে স্থানীয় প্রশাসন ইতোমধ্যে প্রয়োজনীয় পদক্ষেপ গ্রহণ করেছে এবং সংশ্লিষ্ট কর্মকর্তাদের সঙ্গে আলোচনা চলছে।
এলাকাবাসীর অভিযোগ, দীর্ঘদিন ধরে সমস্যাটি সমাধানের দাবি জানানো হলেও কার্যকর কোনো উদ্যোগ নেওয়া হয়নি। তারা দ্রুত সমাধানের দাবি জানিয়েছেন।
বিশেষজ্ঞরা মনে করেন, সমন্বিত পরিকল্পনা ও যথাযথ বাস্তবায়নের মাধ্যমে এ পরিস্থিতির উন্নতি সম্ভব। এ জন্য সরকারি ও বেসরকারি উভয় পর্যায়ের সহযোগিতা প্রয়োজন।
অনুষ্ঠানে উপস্থিত ছিলেন উপজেলা নির্বাহী কর্মকর্তা, স্থানীয় জনপ্রতিনিধি, শিক্ষক, সাংবাদিক ও বিভিন্ন শ্রেণি-পেশার মানুষ। বক্তারা বিষয়টির গুরুত্ব তুলে ধরেন।
সংশ্লিষ্ট সূত্রে জানা গেছে, বিষয়টি নিয়ে স্থানীয় প্রশাসন ইতোমধ্যে প্রয়োজনীয় পদক্ষেপ গ্রহণ করেছে এবং সংশ্লিষ্ট কর্মকর্তাদের সঙ্গে আলোচনা চলছে।
এলাকাবাসীর অভিযোগ, দীর্ঘদিন ধরে সমস্যাটি সমাধানের দাবি জানানো হলেও কার্যকর কোনো উদ্যোগ নেওয়া হয়নি। তারা দ্রুত সমাধানের দাবি জানিয়েছেন।
বিশেষজ্ঞরা মনে করেন, সমন্বিত পরিকল্পনা ও যথাযথ বাস্তবায়নের মাধ্যমে এ পরিস্থিতির উন্নতি সম্ভব। এ জন্য সরকারি ও বেসরকারি উভয় পর্যায়ের সহযোগিতা প্রয়োজন।
অনুষ্ঠানে উপস্থিত ছিলেন উপজেলা নির্বাহী কর্মকর্তা, স্থানীয় জনপ্রতিনিধি, শিক্ষক, সাংবাদিক ও বিভিন্ন শ্রেণি-পেশার মানুষ। বক্তারা বিষয়টির গুরুত্ব তুলে ধরেন।
সংশ্লিষ্ট সূত্রে জানা গেছে, বিষয়টি নিয়ে স্থানীয় প্রশাসন ইতোমধ্যে প্রয়োজনীয় পদক্ষেপ গ্রহণ করেছে এবং সংশ্লিষ্ট কর্মকর্তাদের সঙ্গে আলোচনা চলছে।
এলাকাবাসীর অভিযোগ, দীর্ঘদিন ধরে সমস্যাটি সমাধানের দাবি জানানো হলেও কার্যকর কোনো উদ্যোগ নেওয়া হয়নি। তারা দ্রুত সমাধানের দাবি জানিয়েছেন।
বিশেষজ্ঞরা মনে করেন, সমন্বিত পরিকল্পনা ও যথাযথ বাস্তবায়নের মাধ্যমে এ পরিস্থিতির উন্নতি সম্ভব। এ জন্য সরকারি ও বেসরকারি উভয় পর্যায়ের সহযোগিতা প্রয়োজন।
নিষেধাজ্ঞা শেষে ইলিশ শিকারে শরণখোলার জেলেরা প্রস্তুত
শরণখোলা (বাগেরহাট) প্রতিনিধি: নিষেধাজ্ঞা শেষে ইলিশ শিকারে জাল ও ট্রলার প্রস্তুত করছেন জেলেরা।
সংশ্লিষ্ট সূত্রে জানা গেছে, বিষয়টি নিয়ে স্থানীয় প্রশাসন ইতোমধ্যে প্রয়োজনীয় পদক্ষেপ গ্রহণ করেছে এবং সংশ্লিষ্ট কর্মকর্তাদের সঙ্গে আলোচনা চলছে।
এলাকাবাসীর অভিযোগ, দীর্ঘদিন ধরে সমস্যাটি সমাধানের দাবি জানানো হলেও কার্যকর কোনো উদ্যোগ নেওয়া হয়নি। তারা দ্রুত সমাধানের দাবি জানিয়েছেন।
বিশেষজ্ঞরা মনে করেন, সমন্বিত পরিকল্পনা ও যথাযথ বাস্তবায়নের মাধ্যমে এ পরিস্থিতির উন্নতি সম্ভব। এ জন্য সরকারি ও বেসরকারি উভয় পর্যায়ের সহযোগিতা প্রয়োজন।
অনুষ্ঠানে উপস্থিত ছিলেন উপজেলা নির্বাহী কর্মকর্তা, স্থানীয় জনপ্রতিনিধি, শিক্ষক, সাংবাদিক ও বিভিন্ন শ্রেণি-পেশার মানুষ। বক্তারা বিষয়টির গুরুত্ব তুলে ধরেন।
সংশ্লিষ্ট সূত্রে জানা গেছে, বিষয়টি নিয়ে স্থানীয় প্রশাসন ইতোমধ্যে প্রয়োজনীয় পদক্ষেপ গ্রহণ করেছে এবং সংশ্লিষ্ট কর্মকর্তাদের সঙ্গে আলোচনা চলছে।
এলাকাবাসীর অভিযোগ, দীর্ঘদিন ধরে সমস্যাটি সমাধানের দাবি জানানো হলেও কার্যকর কোনো উদ্যোগ নেওয়া হয়নি। তারা দ্রুত সমাধানের দাবি জানিয়েছেন।
১৬০ প্রতিযোগীর মধ্যে ১৮ জন পাচ্ছেন 'ইয়েস কার্ড'
প্রতিযোগিতায় অংশ নেওয়া ১৬০ জনের মধ্যে ১৮ জন পরবর্তী পর্বে যাওয়ার সুযোগ পেয়েছেন।
বিশেষজ্ঞরা মনে করেন, সমন্বিত পরিকল্পনা ও যথাযথ বাস্তবায়নের মাধ্যমে এ পরিস্থিতির উন্নতি সম্ভব। এ জন্য সরকারি ও বেসরকারি উভয় পর্যায়ের সহযোগিতা প্রয়োজন।
অনুষ্ঠানে উপস্থিত ছিলেন উপজেলা নির্বাহী কর্মকর্তা, স্থানীয় জনপ্রতিনিধি, শিক্ষক, সাংবাদিক ও বিভিন্ন শ্রেণি-পেশার মানুষ। বক্তারা বিষয়টির গুরুত্ব তুলে ধরেন।
সংশ্লিষ্ট সূত্রে জানা গেছে, বিষয়টি নিয়ে স্থানীয় প্রশাসন ইতোমধ্যে প্রয়োজনীয় পদক্ষেপ গ্রহণ করেছে এবং সংশ্লিষ্ট কর্মকর্তাদের সঙ্গে আলোচনা চলছে।
এলাকাবাসীর অভিযোগ, দীর্ঘদিন ধরে সমস্যাটি সমাধানের দাবি জানানো হলেও কার্যকর কোনো উদ্যোগ নেওয়া হয়নি। তারা দ্রুত সমাধানের দাবি জানিয়েছেন।
বিশেষজ্ঞরা মনে করেন, সমন্বিত পরিকল্পনা ও যথাযথ বাস্তবায়নের মাধ্যমে এ পরিস্থিতির উন্নতি সম্ভব। এ জন্য সরকারি ও বেসরকারি উভয় পর্যায়ের সহযোগিতা প্রয়োজন।
বিলাইছড়িতে হিলট্র্যাকওয়ারের অর্থ সহায়তা প্রদান
বিলাইছড়ি (রাঙামাটি) প্রতিনিধি: দুর্গম এলাকার শিক্ষার্থীদের মধ্যে অর্থ সহায়তা প্রদান করা হয়।
অনুষ্ঠানে উপস্থিত ছিলেন উপজেলা নির্বাহী কর্মকর্তা, স্থানীয় জনপ্রতিনিধি, শিক্ষক, সাংবাদিক ও বিভিন্ন শ্রেণি-পেশার মানুষ। বক্তারা বিষয়টির গুরুত্ব তুলে ধরেন।
সংশ্লিষ্ট সূত্রে জানা গেছে, বিষয়টি নিয়ে স্থানীয় প্রশাসন ইতোমধ্যে প্রয়োজনীয় পদক্ষেপ গ্রহণ করেছে এবং সংশ্লিষ্ট কর্মকর্তাদের সঙ্গে আলোচনা চলছে।
এলাকাবাসীর অভিযোগ, দীর্ঘদিন ধরে সমস্যাটি সমাধানের দাবি জানানো হলেও কার্যকর কোনো উদ্যোগ নেওয়া হয়নি। তারা দ্রুত সমাধানের দাবি জানিয়েছেন।
বিশেষজ্ঞরা মনে করেন, সমন্বিত পরিকল্পনা ও যথাযথ বাস্তবায়নের মাধ্যমে এ পরিস্থিতির উন্নতি সম্ভব। এ জন্য সরকারি ও বেসরকারি উভয় পর্যায়ের সহযোগিতা প্রয়োজন।
অনুষ্ঠানে উপস্থিত ছিলেন উপজেলা নির্বাহী কর্মকর্তা, স্থানীয় জনপ্রতিনিধি, শিক্ষক, সাংবাদিক ও বিভিন্ন শ্রেণি-পেশার মানুষ। বক্তারা বিষয়টির গুরুত্ব তুলে ধরেন।
সংশ্লিষ্ট সূত্রে জানা গেছে, বিষয়টি নিয়ে স্থানীয় প্রশাসন ইতোমধ্যে প্রয়োজনীয় পদক্ষেপ গ্রহণ করেছে এবং সংশ্লিষ্ট কর্মকর্তাদের সঙ্গে আলোচনা চলছে।
শ্রীমঙ্গলে অপহৃত কিশোরী উদ্ধার, গ্রেফতার ২
শ্রীমঙ্গল (মৌলভীবাজার) প্রতিনিধি: অপহরণের তিন দিন পর কিশোরীকে উদ্ধার করেছে পুলিশ।
এলাকাবাসীর অভিযোগ, দীর্ঘদিন ধরে সমস্যাটি সমাধানের দাবি জানানো হলেও কার্যকর কোনো উদ্যোগ নেওয়া হয়নি। তারা দ্রুত সমাধানের দাবি জানিয়েছেন।
বিশেষজ্ঞরা মনে করেন, সমন্বিত পরিকল্পনা ও যথাযথ বাস্তবায়নের মাধ্যমে এ পরিস্থিতির উন্নতি সম্ভব। এ জন্য সরকারি ও বেসরকারি উভয় পর্যায়ের সহযোগিতা প্রয়োজন।
অনুষ্ঠানে উপস্থিত ছিলেন উপজেলা নির্বাহী কর্মকর্তা, স্থানীয় জনপ্রতিনিধি, শিক্ষক, সাংবাদিক ও বিভিন্ন শ্রেণি-পেশার মানুষ। বক্তারা বিষয়টির গুরুত্ব তুলে ধরেন।
সংশ্লিষ্ট সূত্রে জানা গেছে, বিষয়টি নিয়ে স্থানীয় প্রশাসন ইতোমধ্যে প্রয়োজনীয় পদক্ষেপ গ্রহণ করেছে এবং সংশ্লিষ্ট কর্মকর্তাদের সঙ্গে আলোচনা চলছে।
এলাকাবাসীর অভিযোগ, দীর্ঘদিন ধরে সমস্যাটি সমাধানের দাবি জানানো হলেও কার্যকর কোনো উদ্যোগ নেওয়া হয়নি। তারা দ্রুত সমাধানের দাবি জানিয়েছেন।
বিশেষজ্ঞরা মনে করেন, সমন্বিত পরিকল্পনা ও যথাযথ বাস্তবায়নের মাধ্যমে এ পরিস্থিতির উন্নতি সম্ভব। এ জন্য সরকারি ও বেসরকারি উভয় পর্যায়ের সহযোগিতা প্রয়োজন।
অনুষ্ঠানে উপস্থিত ছিলেন উপজেলা নির্বাহী কর্মকর্তা, স্থানীয় জনপ্রতিনিধি, শিক্ষক, সাংবাদিক ও বিভিন্ন শ্রেণি-পেশার মানুষ। বক্তারা বিষয়টির গুরুত্ব তুলে ধরেন।
সংশ্লিষ্ট সূত্রে জানা গেছে, বিষয়টি নিয়ে স্থানীয় প্রশাসন ইতোমধ্যে প্রয়োজনীয় পদক্ষেপ গ্রহণ করেছে এবং সংশ্লিষ্ট কর্মকর্তাদের সঙ্গে আলোচনা চলছে।
এলাকাবাসীর অভিযোগ, দীর্ঘদিন ধরে সমস্যাটি সমাধানের দাবি জানানো হলেও কার্যকর কোনো উদ্যোগ নেওয়া হয়নি। তারা দ্রুত সমাধানের দাবি জানিয়েছেন।
